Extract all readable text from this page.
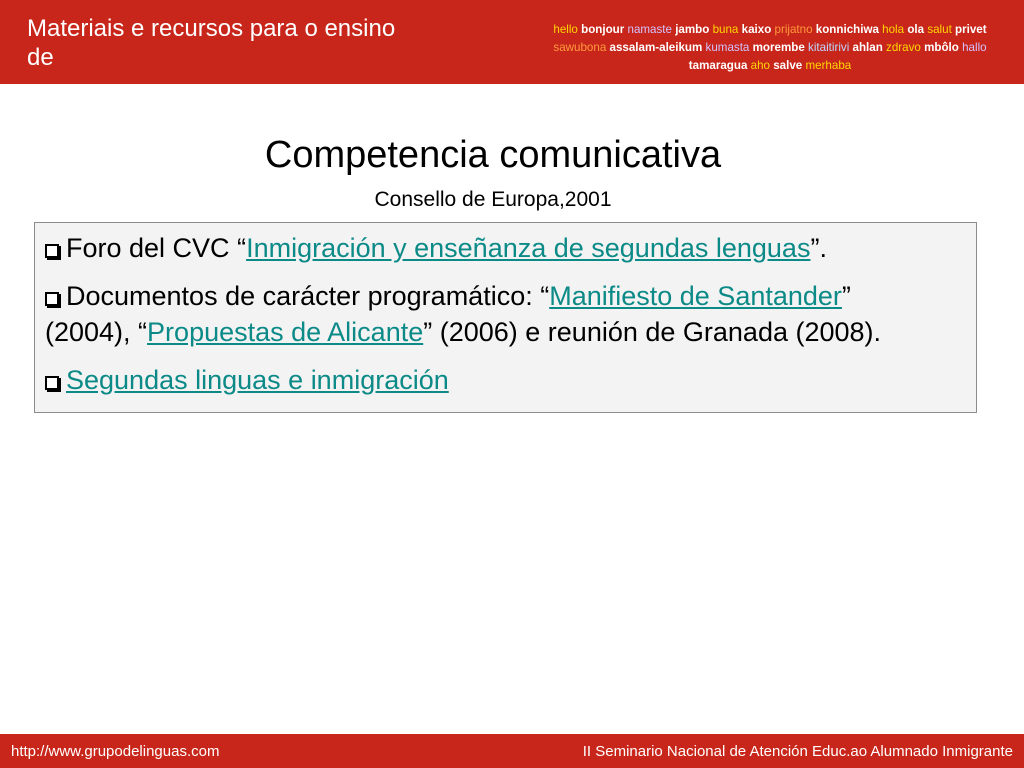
Materiais e recursos para o ensino de
hello bonjour namaste jambo buna kaixo prijatno konnichiwa hola ola salut privet sawubona assalam-aleikum kumasta morembe kitaitirivi ahlan zdravo mbôlo hallo tamaragua aho salve merhaba
Competencia comunicativa
Consello de Europa,2001

Foro del CVC “Inmigración y enseñanza de segundas lenguas”.

Documentos de carácter programático: “Manifiesto de Santander” (2004), “Propuestas de Alicante” (2006) e reunión de Granada (2008).

Segundas linguas e inmigración

http://www.grupodelinguas.com	II Seminario Nacional de Atención Educ.ao Alumnado Inmigrante
